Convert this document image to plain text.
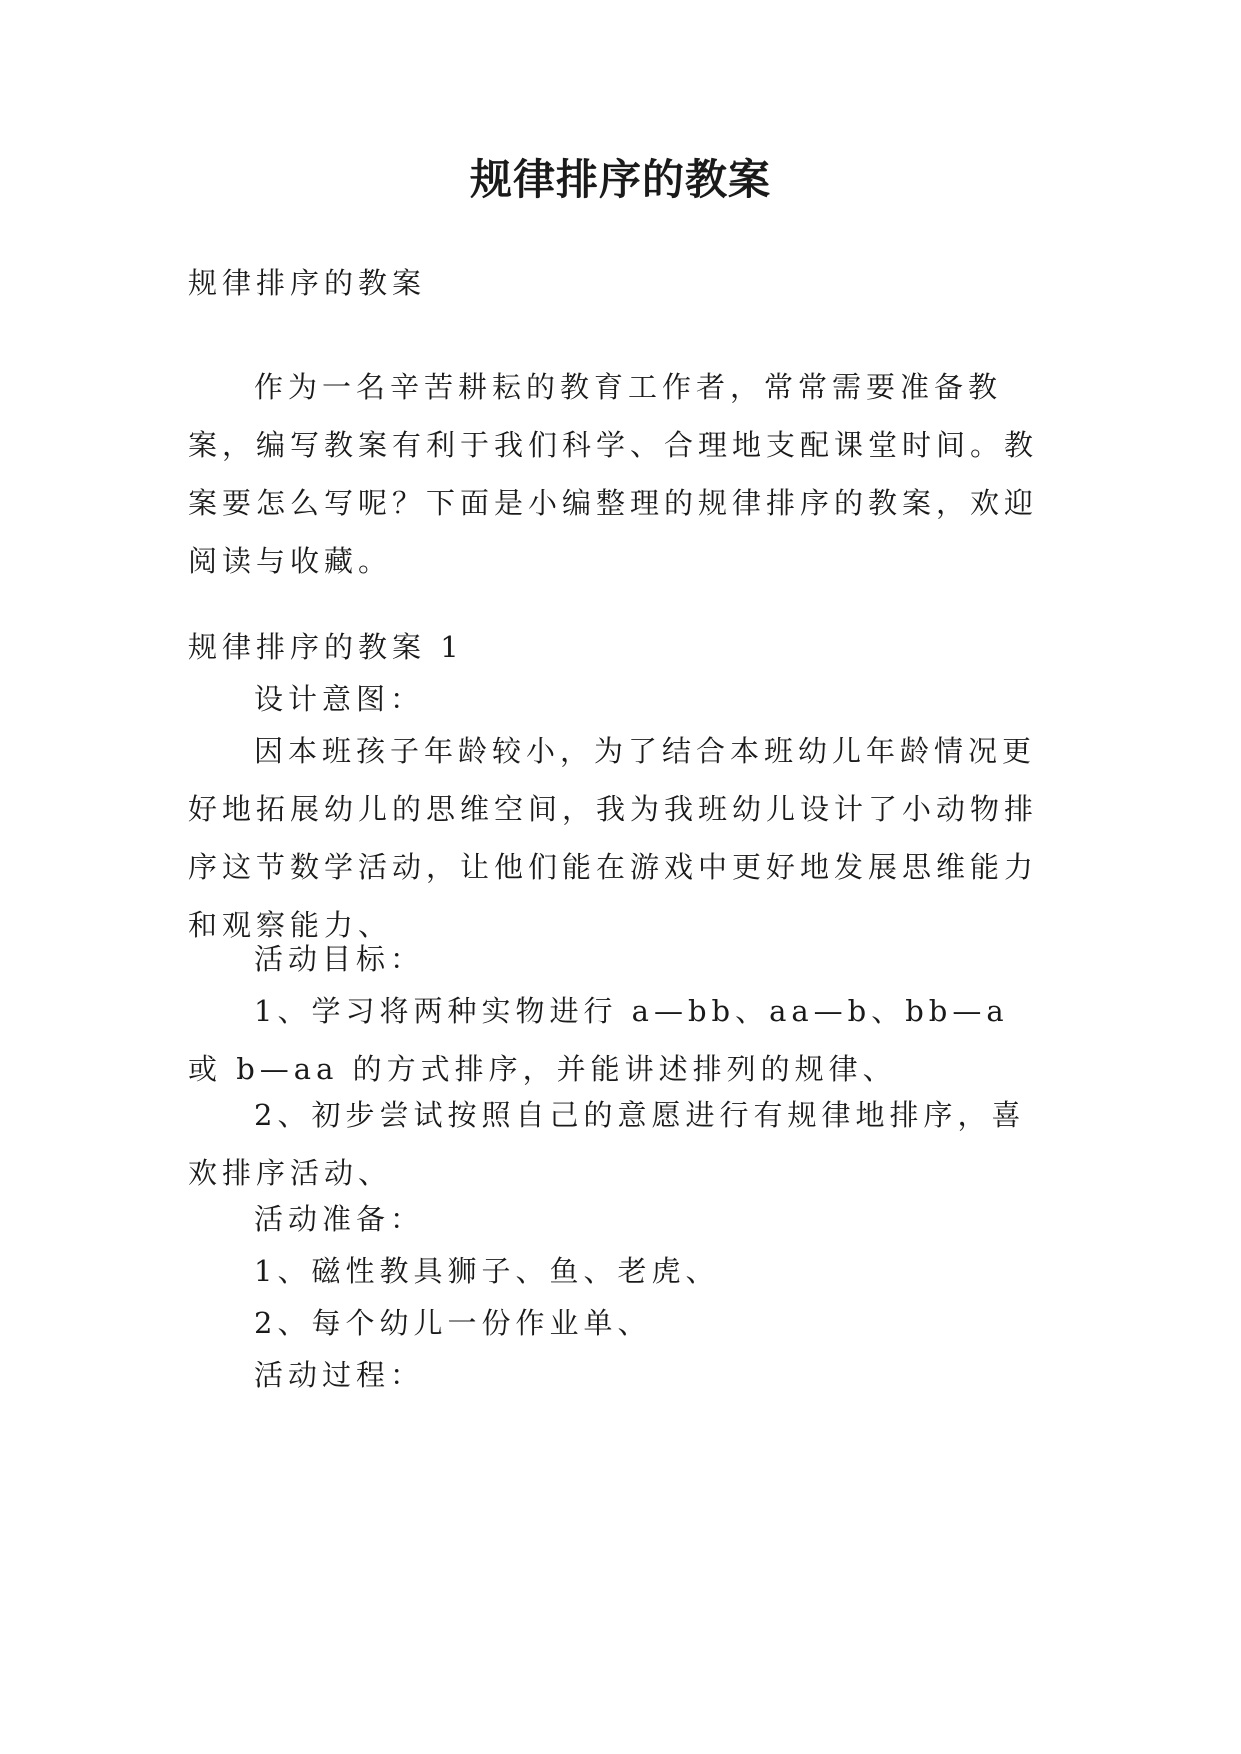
规律排序的教案
规律排序的教案
作为一名辛苦耕耘的教育工作者，常常需要准备教案，编写教案有利于我们科学、合理地支配课堂时间。教案要怎么写呢？下面是小编整理的规律排序的教案，欢迎阅读与收藏。
规律排序的教案 1
设计意图：
因本班孩子年龄较小，为了结合本班幼儿年龄情况更好地拓展幼儿的思维空间，我为我班幼儿设计了小动物排序这节数学活动，让他们能在游戏中更好地发展思维能力和观察能力、
活动目标：
1、学习将两种实物进行 a—bb、aa—b、bb—a 或 b—aa 的方式排序，并能讲述排列的规律、
2、初步尝试按照自己的意愿进行有规律地排序，喜欢排序活动、
活动准备：
1、磁性教具狮子、鱼、老虎、
2、每个幼儿一份作业单、
活动过程：
